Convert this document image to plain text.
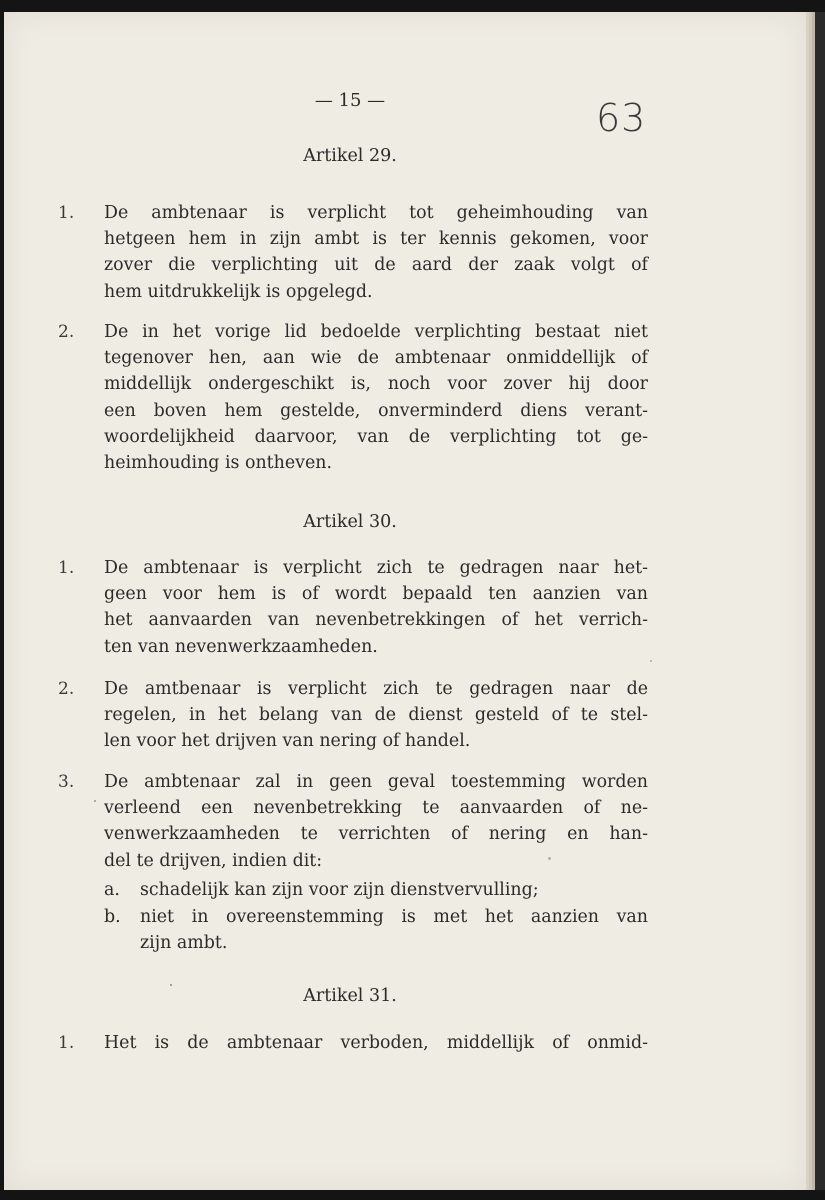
— 15 —	63
Artikel 29.
1. De ambtenaar is verplicht tot geheimhouding van
hetgeen hem in zijn ambt is ter kennis gekomen, voor
zover die verplichting uit de aard der zaak volgt of
hem uitdrukkelijk is opgelegd.
2. De in het vorige lid bedoelde verplichting bestaat niet
tegenover hen, aan wie de ambtenaar onmiddellijk of
middellijk ondergeschikt is, noch voor zover hij door
een boven hem gestelde, onverminderd diens verant-
woordelijkheid daarvoor, van de verplichting tot ge-
heimhouding is ontheven.
Artikel 30.
1. De ambtenaar is verplicht zich te gedragen naar het-
geen voor hem is of wordt bepaald ten aanzien van
het aanvaarden van nevenbetrekkingen of het verrich-
ten van nevenwerkzaamheden.
2. De amtbenaar is verplicht zich te gedragen naar de
regelen, in het belang van de dienst gesteld of te stel-
len voor het drijven van nering of handel.
3. De ambtenaar zal in geen geval toestemming worden
verleend een nevenbetrekking te aanvaarden of ne-
venwerkzaamheden te verrichten of nering en han-
del te drijven, indien dit:
a. schadelijk kan zijn voor zijn dienstvervulling;
b. niet in overeenstemming is met het aanzien van
zijn ambt.
Artikel 31.
1. Het is de ambtenaar verboden, middellijk of onmid-
